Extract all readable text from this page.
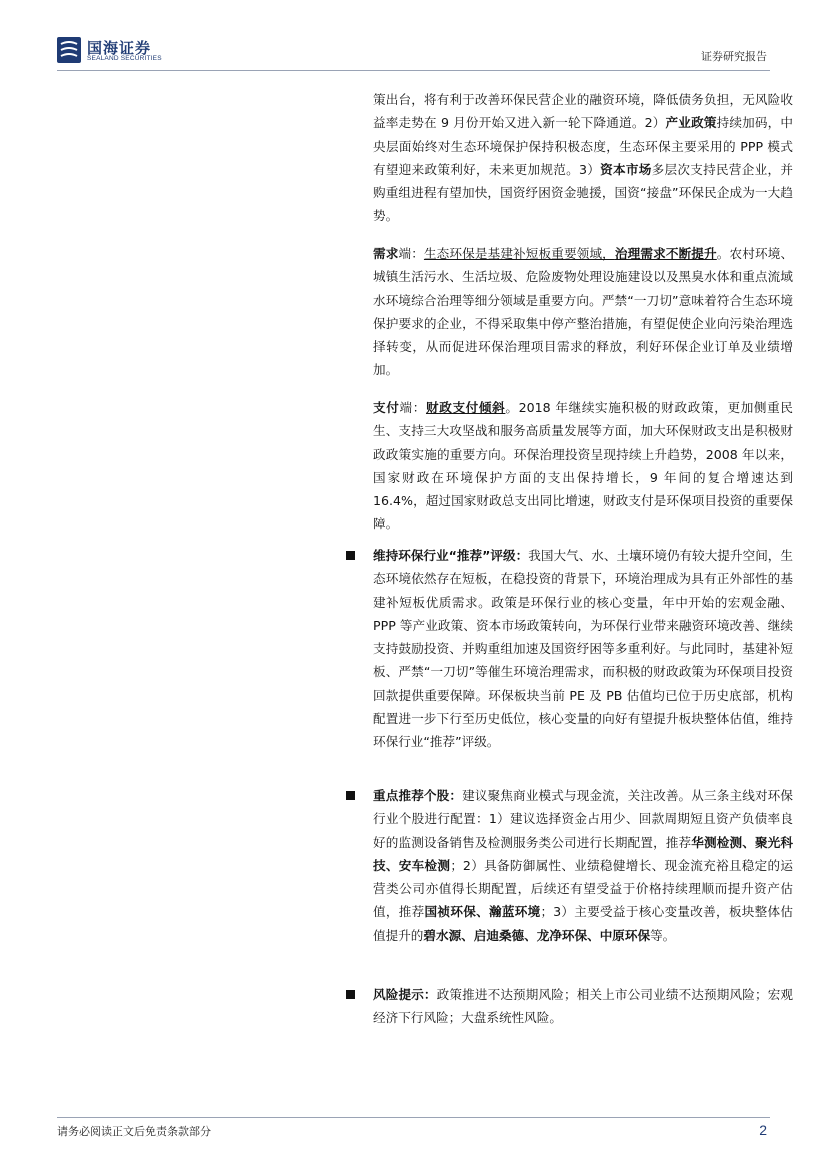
国海证券
SEALAND SECURITIES	证券研究报告
策出台，将有利于改善环保民营企业的融资环境，降低债务负担，无风险收益率走势在 9 月份开始又进入新一轮下降通道。2）产业政策持续加码，中央层面始终对生态环境保护保持积极态度，生态环保主要采用的 PPP 模式有望迎来政策利好，未来更加规范。3）资本市场多层次支持民营企业，并购重组进程有望加快，国资纾困资金驰援，国资“接盘”环保民企成为一大趋势。
需求端：生态环保是基建补短板重要领域，治理需求不断提升。农村环境、城镇生活污水、生活垃圾、危险废物处理设施建设以及黑臭水体和重点流域水环境综合治理等细分领域是重要方向。严禁“一刀切”意味着符合生态环境保护要求的企业，不得采取集中停产整治措施，有望促使企业向污染治理选择转变，从而促进环保治理项目需求的释放，利好环保企业订单及业绩增加。
支付端：财政支付倾斜。2018 年继续实施积极的财政政策，更加侧重民生、支持三大攻坚战和服务高质量发展等方面，加大环保财政支出是积极财政政策实施的重要方向。环保治理投资呈现持续上升趋势，2008 年以来，国家财政在环境保护方面的支出保持增长，9 年间的复合增速达到 16.4%，超过国家财政总支出同比增速，财政支付是环保项目投资的重要保障。
维持环保行业“推荐”评级：我国大气、水、土壤环境仍有较大提升空间，生态环境依然存在短板，在稳投资的背景下，环境治理成为具有正外部性的基建补短板优质需求。政策是环保行业的核心变量，年中开始的宏观金融、PPP 等产业政策、资本市场政策转向，为环保行业带来融资环境改善、继续支持鼓励投资、并购重组加速及国资纾困等多重利好。与此同时，基建补短板、严禁“一刀切”等催生环境治理需求，而积极的财政政策为环保项目投资回款提供重要保障。环保板块当前 PE 及 PB 估值均已位于历史底部，机构配置进一步下行至历史低位，核心变量的向好有望提升板块整体估值，维持环保行业“推荐”评级。
重点推荐个股：建议聚焦商业模式与现金流，关注改善。从三条主线对环保行业个股进行配置：1）建议选择资金占用少、回款周期短且资产负债率良好的监测设备销售及检测服务类公司进行长期配置，推荐华测检测、聚光科技、安车检测；2）具备防御属性、业绩稳健增长、现金流充裕且稳定的运营类公司亦值得长期配置，后续还有望受益于价格持续理顺而提升资产估值，推荐国祯环保、瀚蓝环境；3）主要受益于核心变量改善，板块整体估值提升的碧水源、启迪桑德、龙净环保、中原环保等。
风险提示：政策推进不达预期风险；相关上市公司业绩不达预期风险；宏观经济下行风险；大盘系统性风险。
请务必阅读正文后免责条款部分	2
